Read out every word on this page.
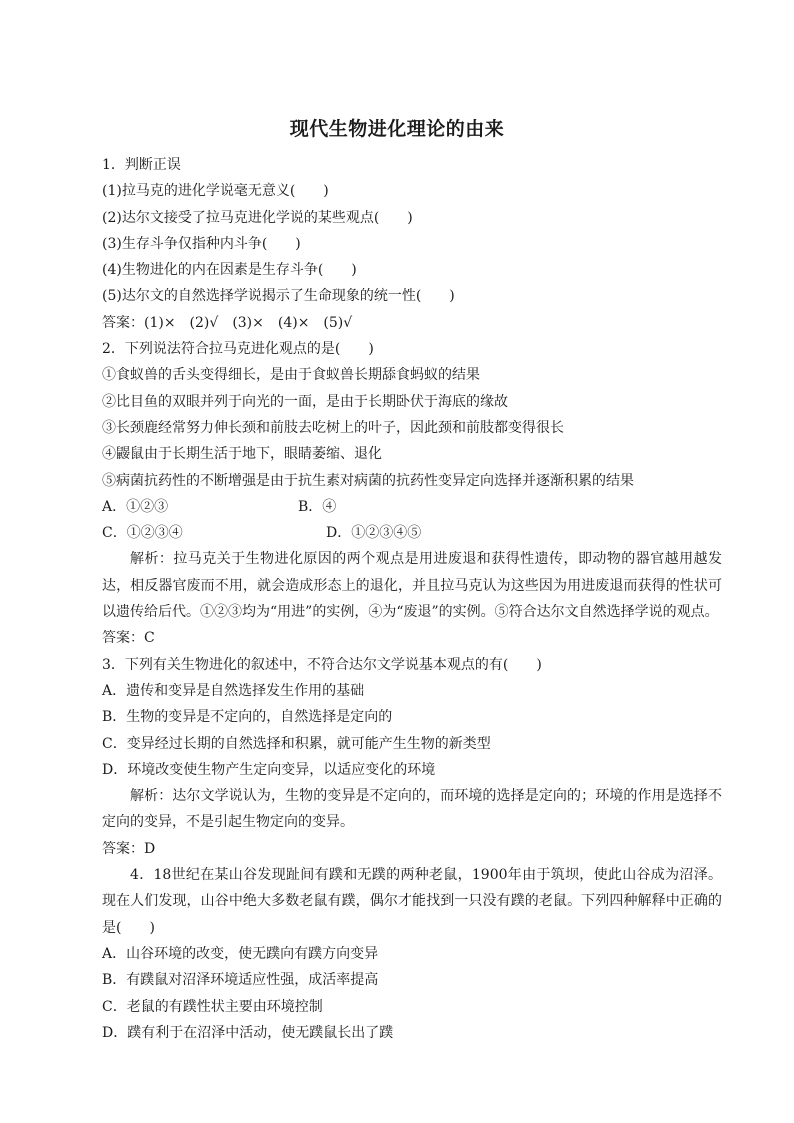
现代生物进化理论的由来
1．判断正误
(1)拉马克的进化学说毫无意义(　　)
(2)达尔文接受了拉马克进化学说的某些观点(　　)
(3)生存斗争仅指种内斗争(　　)
(4)生物进化的内在因素是生存斗争(　　)
(5)达尔文的自然选择学说揭示了生命现象的统一性(　　)
答案：(1)×　(2)√　(3)×　(4)×　(5)√
2．下列说法符合拉马克进化观点的是(　　)
①食蚁兽的舌头变得细长，是由于食蚁兽长期舔食蚂蚁的结果
②比目鱼的双眼并列于向光的一面，是由于长期卧伏于海底的缘故
③长颈鹿经常努力伸长颈和前肢去吃树上的叶子，因此颈和前肢都变得很长
④鼹鼠由于长期生活于地下，眼睛萎缩、退化
⑤病菌抗药性的不断增强是由于抗生素对病菌的抗药性变异定向选择并逐渐积累的结果
A．①②③	B．④
C．①②③④	D．①②③④⑤
解析：拉马克关于生物进化原因的两个观点是用进废退和获得性遗传，即动物的器官越用越发达，相反器官废而不用，就会造成形态上的退化，并且拉马克认为这些因为用进废退而获得的性状可以遗传给后代。①②③均为“用进”的实例，④为“废退”的实例。⑤符合达尔文自然选择学说的观点。
答案：C
3．下列有关生物进化的叙述中，不符合达尔文学说基本观点的有(　　)
A．遗传和变异是自然选择发生作用的基础
B．生物的变异是不定向的，自然选择是定向的
C．变异经过长期的自然选择和积累，就可能产生生物的新类型
D．环境改变使生物产生定向变异，以适应变化的环境
解析：达尔文学说认为，生物的变异是不定向的，而环境的选择是定向的；环境的作用是选择不定向的变异，不是引起生物定向的变异。
答案：D
4．18世纪在某山谷发现趾间有蹼和无蹼的两种老鼠，1900年由于筑坝，使此山谷成为沼泽。现在人们发现，山谷中绝大多数老鼠有蹼，偶尔才能找到一只没有蹼的老鼠。下列四种解释中正确的是(　　)
A．山谷环境的改变，使无蹼向有蹼方向变异
B．有蹼鼠对沼泽环境适应性强，成活率提高
C．老鼠的有蹼性状主要由环境控制
D．蹼有利于在沼泽中活动，使无蹼鼠长出了蹼
